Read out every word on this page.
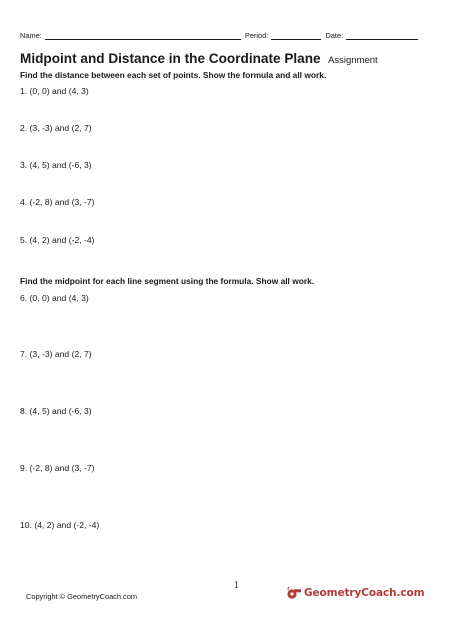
Name:	Period:	Date:
Midpoint and Distance in the Coordinate Plane Assignment
Find the distance between each set of points. Show the formula and all work.
1. (0, 0) and (4, 3)
2. (3, -3) and (2, 7)
3. (4, 5) and (-6, 3)
4. (-2, 8) and (3, -7)
5. (4, 2) and (-2, -4)
Find the midpoint for each line segment using the formula. Show all work.
6. (0, 0) and (4, 3)
7. (3, -3) and (2, 7)
8. (4, 5) and (-6, 3)
9. (-2, 8) and (3, -7)
10. (4, 2) and (-2, -4)
1
Copyright © GeometryCoach.com	GeometryCoach.com
